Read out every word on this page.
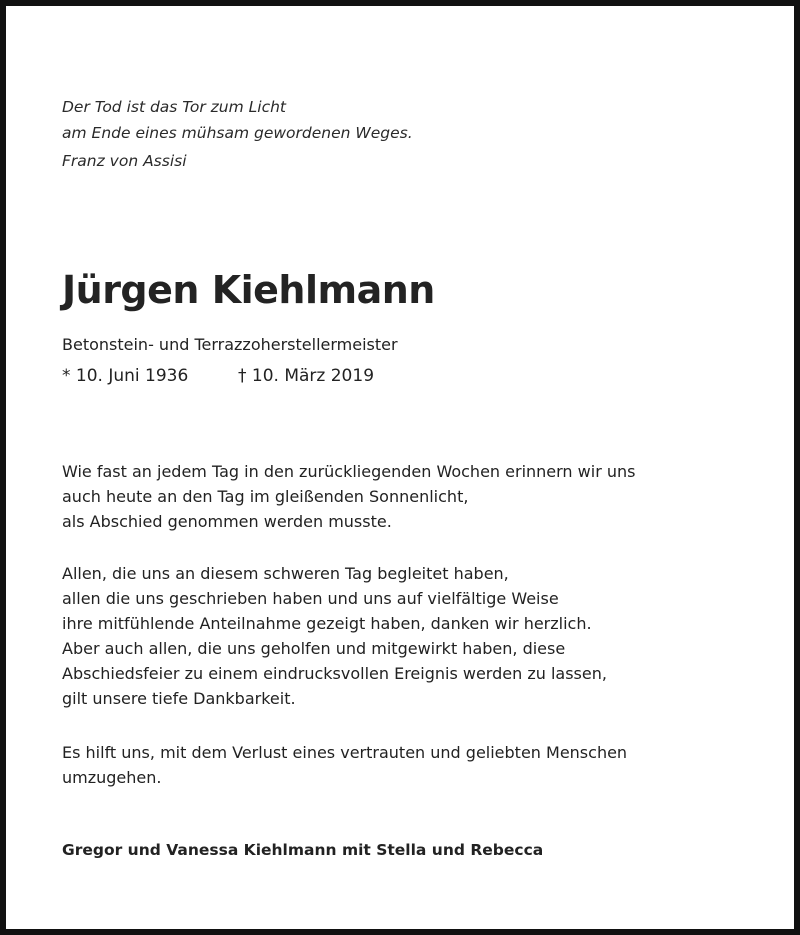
Der Tod ist das Tor zum Licht
am Ende eines mühsam gewordenen Weges.
Franz von Assisi
Jürgen Kiehlmann
Betonstein- und Terrazzoherstellermeister
* 10. Juni 1936	† 10. März 2019
Wie fast an jedem Tag in den zurückliegenden Wochen erinnern wir uns
auch heute an den Tag im gleißenden Sonnenlicht,
als Abschied genommen werden musste.
Allen, die uns an diesem schweren Tag begleitet haben,
allen die uns geschrieben haben und uns auf vielfältige Weise
ihre mitfühlende Anteilnahme gezeigt haben, danken wir herzlich.
Aber auch allen, die uns geholfen und mitgewirkt haben, diese
Abschiedsfeier zu einem eindrucksvollen Ereignis werden zu lassen,
gilt unsere tiefe Dankbarkeit.
Es hilft uns, mit dem Verlust eines vertrauten und geliebten Menschen
umzugehen.
Gregor und Vanessa Kiehlmann mit Stella und Rebecca
